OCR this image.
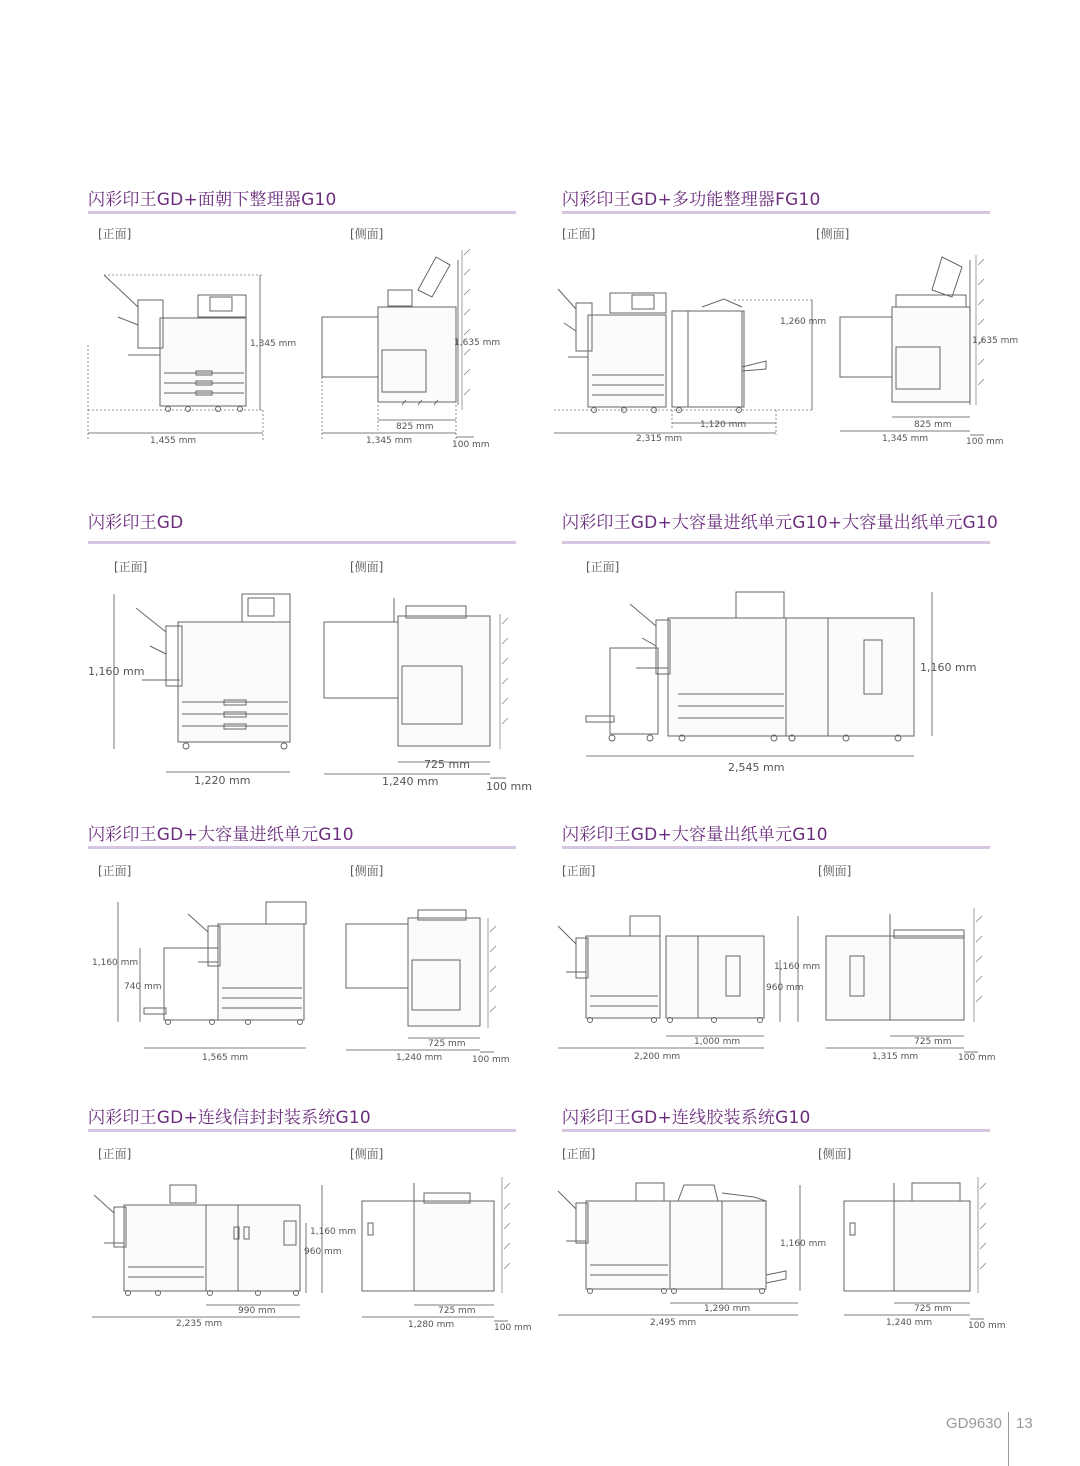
闪彩印王GD+面朝下整理器G10
[正面]	[侧面]
1,345 mm
1,455 mm
1,635 mm
825 mm
1,345 mm	100 mm
闪彩印王GD+多功能整理器FG10
[正面]	[侧面]
1,260 mm
1,120 mm
2,315 mm
1,635 mm
825 mm
1,345 mm	100 mm
闪彩印王GD
[正面]	[侧面]
1,160 mm
1,220 mm
725 mm
1,240 mm	100 mm
闪彩印王GD+大容量进纸单元G10+大容量出纸单元G10
[正面]
1,160 mm
2,545 mm
闪彩印王GD+大容量进纸单元G10
[正面]	[侧面]
1,160 mm
740 mm
1,565 mm
725 mm
1,240 mm	100 mm
闪彩印王GD+大容量出纸单元G10
[正面]	[侧面]
1,160 mm
960 mm
1,000 mm
2,200 mm
725 mm
1,315 mm	100 mm
闪彩印王GD+连线信封封装系统G10
[正面]	[侧面]
1,160 mm
960 mm
990 mm
2,235 mm
725 mm
1,280 mm	100 mm
闪彩印王GD+连线胶装系统G10
[正面]	[侧面]
1,160 mm
1,290 mm
2,495 mm
725 mm
1,240 mm	100 mm
GD9630 13
